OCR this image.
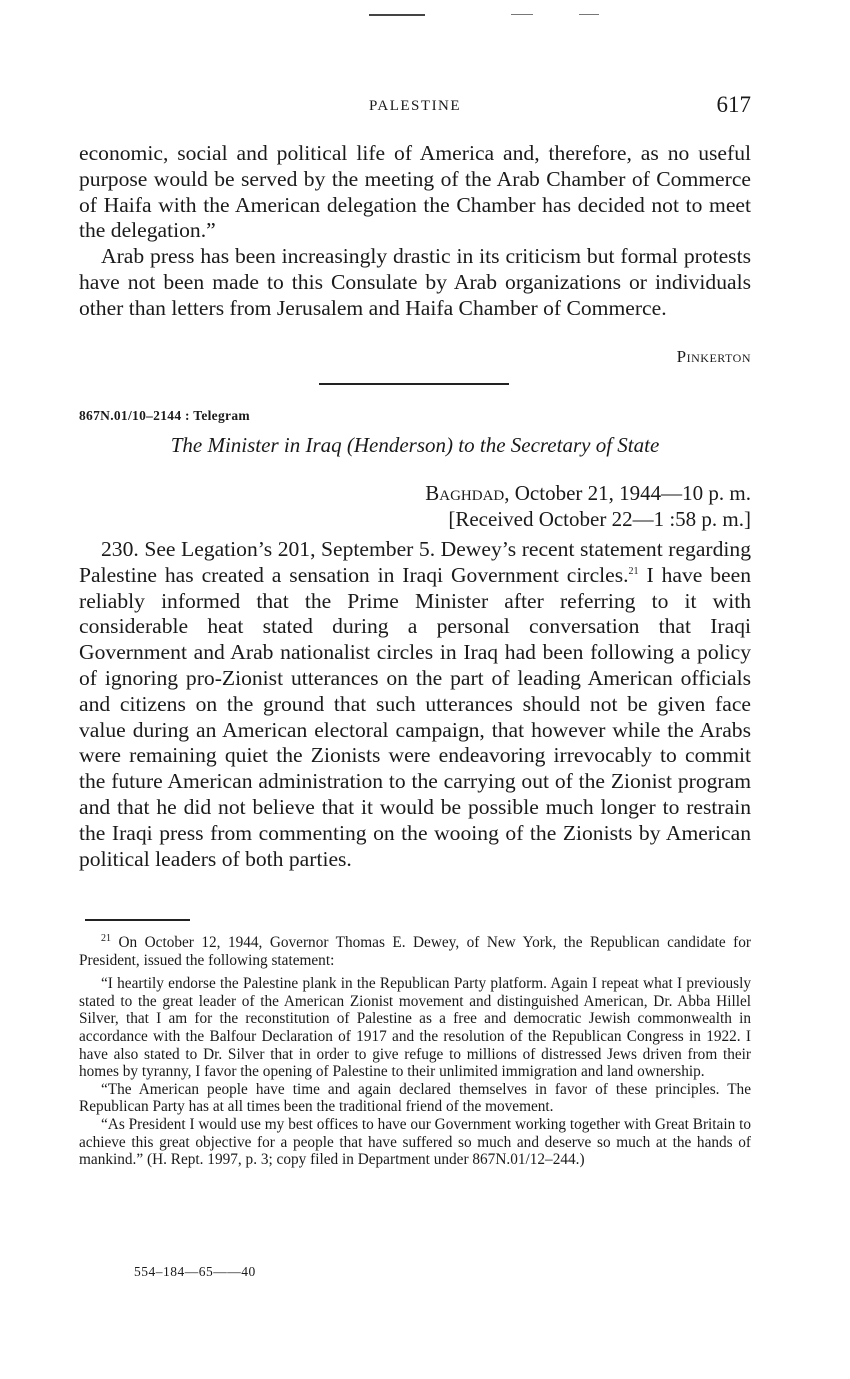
PALESTINE	617

economic, social and political life of America and, therefore, as no useful purpose would be served by the meeting of the Arab Chamber of Commerce of Haifa with the American delegation the Chamber has decided not to meet the delegation.”

Arab press has been increasingly drastic in its criticism but formal protests have not been made to this Consulate by Arab organizations or individuals other than letters from Jerusalem and Haifa Chamber of Commerce.

Pinkerton
867N.01/10–2144 : Telegram
The Minister in Iraq (Henderson) to the Secretary of State
Baghdad, October 21, 1944—10 p. m.
[Received October 22—1 :58 p. m.]

230. See Legation’s 201, September 5. Dewey’s recent statement regarding Palestine has created a sensation in Iraqi Government circles.$^{21}$ I have been reliably informed that the Prime Minister after referring to it with considerable heat stated during a personal conversation that Iraqi Government and Arab nationalist circles in Iraq had been following a policy of ignoring pro-Zionist utterances on the part of leading American officials and citizens on the ground that such utterances should not be given face value during an American electoral campaign, that however while the Arabs were remaining quiet the Zionists were endeavoring irrevocably to commit the future American administration to the carrying out of the Zionist program and that he did not believe that it would be possible much longer to restrain the Iraqi press from commenting on the wooing of the Zionists by American political leaders of both parties.

$^{21}$ On October 12, 1944, Governor Thomas E. Dewey, of New York, the Republican candidate for President, issued the following statement:

“I heartily endorse the Palestine plank in the Republican Party platform. Again I repeat what I previously stated to the great leader of the American Zionist movement and distinguished American, Dr. Abba Hillel Silver, that I am for the reconstitution of Palestine as a free and democratic Jewish commonwealth in accordance with the Balfour Declaration of 1917 and the resolution of the Republican Congress in 1922. I have also stated to Dr. Silver that in order to give refuge to millions of distressed Jews driven from their homes by tyranny, I favor the opening of Palestine to their unlimited immigration and land ownership.

“The American people have time and again declared themselves in favor of these principles. The Republican Party has at all times been the traditional friend of the movement.

“As President I would use my best offices to have our Government working together with Great Britain to achieve this great objective for a people that have suffered so much and deserve so much at the hands of mankind.” (H. Rept. 1997, p. 3; copy filed in Department under 867N.01/12–244.)

554–184—65——40
